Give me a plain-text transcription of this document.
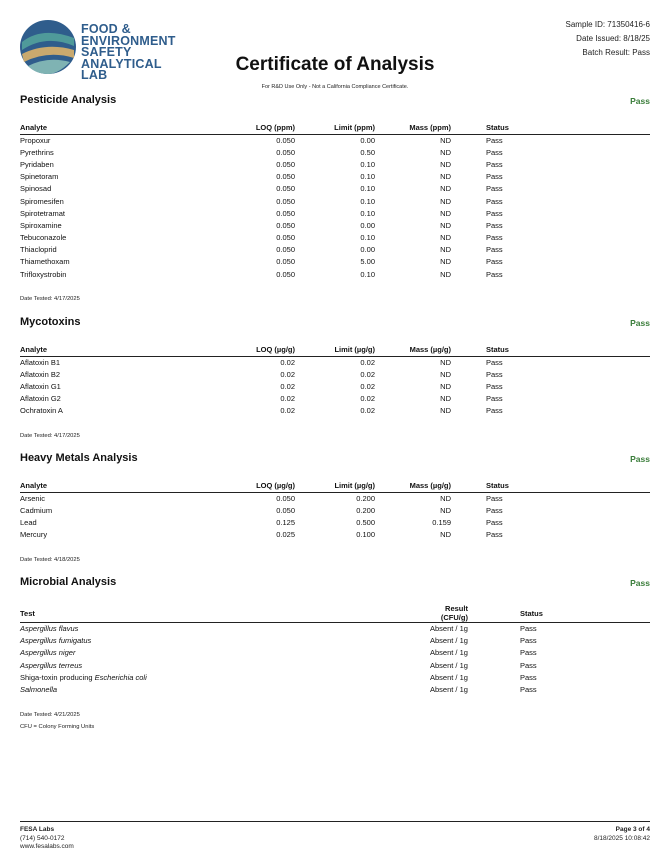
FOOD &
ENVIRONMENT
SAFETY
ANALYTICAL LAB
Sample ID: 71350416-6
Date Issued: 8/18/25
Batch Result: Pass
Certificate of Analysis
For R&D Use Only - Not a California Compliance Certificate.
Pesticide Analysis	Pass
Analyte	LOQ (ppm)	Limit (ppm)	Mass (ppm)	Status
Propoxur	0.050	0.00	ND	Pass
Pyrethrins	0.050	0.50	ND	Pass
Pyridaben	0.050	0.10	ND	Pass
Spinetoram	0.050	0.10	ND	Pass
Spinosad	0.050	0.10	ND	Pass
Spiromesifen	0.050	0.10	ND	Pass
Spirotetramat	0.050	0.10	ND	Pass
Spiroxamine	0.050	0.00	ND	Pass
Tebuconazole	0.050	0.10	ND	Pass
Thiacloprid	0.050	0.00	ND	Pass
Thiamethoxam	0.050	5.00	ND	Pass
Trifloxystrobin	0.050	0.10	ND	Pass
Date Tested: 4/17/2025
Mycotoxins	Pass
Analyte	LOQ (µg/g)	Limit (µg/g)	Mass (µg/g)	Status
Aflatoxin B1	0.02	0.02	ND	Pass
Aflatoxin B2	0.02	0.02	ND	Pass
Aflatoxin G1	0.02	0.02	ND	Pass
Aflatoxin G2	0.02	0.02	ND	Pass
Ochratoxin A	0.02	0.02	ND	Pass
Date Tested: 4/17/2025
Heavy Metals Analysis	Pass
Analyte	LOQ (µg/g)	Limit (µg/g)	Mass (µg/g)	Status
Arsenic	0.050	0.200	ND	Pass
Cadmium	0.050	0.200	ND	Pass
Lead	0.125	0.500	0.159	Pass
Mercury	0.025	0.100	ND	Pass
Date Tested: 4/18/2025
Microbial Analysis	Pass
Test	Result (CFU/g)	Status
Aspergillus flavus	Absent / 1g	Pass
Aspergillus fumigatus	Absent / 1g	Pass
Aspergillus niger	Absent / 1g	Pass
Aspergillus terreus	Absent / 1g	Pass
Shiga-toxin producing Escherichia coli	Absent / 1g	Pass
Salmonella	Absent / 1g	Pass
Date Tested: 4/21/2025
CFU = Colony Forming Units
FESA Labs
(714) 540-0172
www.fesalabs.com
Page 3 of 4
8/18/2025 10:08:42
